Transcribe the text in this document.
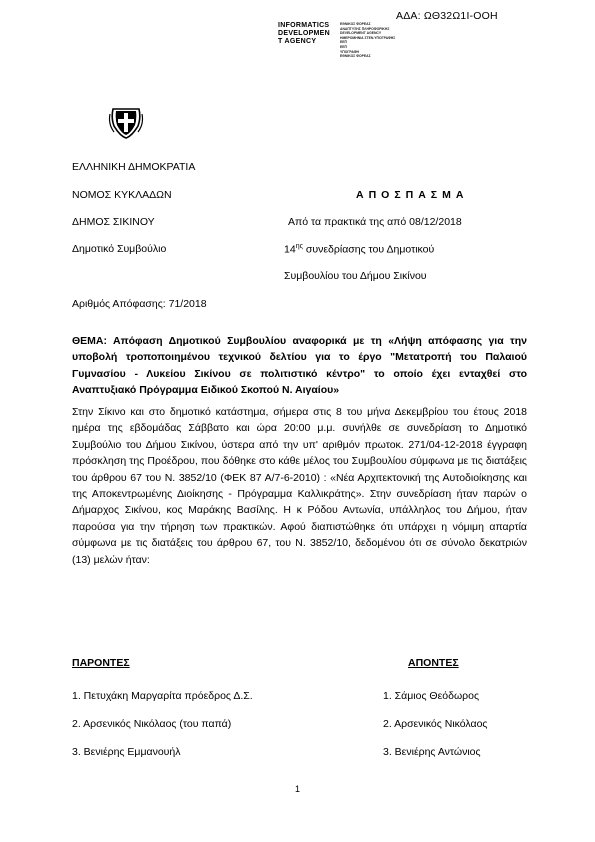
ΑΔΑ: ΩΘ32Ω1Ι-ΟΟΗ
INFORMATICS
DEVELOPMEN
T AGENCY
ΕΘΝΙΚΟΣ ΦΟΡΕΑΣ
ΑΝΑΠΤΥΞΗΣ ΠΛΗΡΟΦΟΡΙΚΗΣ
DEVELOPMENT AGENCY
ΗΜΕΡΟΜΗΝΙΑ ΣΤΕΝ.ΥΠΟΓΡΑΦΗΣ
ΕΕΠ
ΕΕΠ
ΥΠΟΓΡΑΦΗ
ΕΘΝΙΚΟΣ ΦΟΡΕΑΣ
ΕΛΛΗΝΙΚΗ ΔΗΜΟΚΡΑΤΙΑ
ΝΟΜΟΣ ΚΥΚΛΑΔΩΝ
ΔΗΜΟΣ ΣΙΚΙΝΟΥ
Δημοτικό Συμβούλιο
Αριθμός Απόφασης: 71/2018
ΑΠΟΣΠΑΣΜΑ
Από τα πρακτικά της από 08/12/2018
$14^{\eta\varsigma}$ συνεδρίασης του Δημοτικού
Συμβουλίου του Δήμου Σικίνου
ΘΕΜΑ: Απόφαση Δημοτικού Συμβουλίου αναφορικά με τη «Λήψη απόφασης για την υποβολή τροποποιημένου τεχνικού δελτίου για το έργο "Μετατροπή του Παλαιού Γυμνασίου - Λυκείου Σικίνου σε πολιτιστικό κέντρο" το οποίο έχει ενταχθεί στο Αναπτυξιακό Πρόγραμμα Ειδικού Σκοπού Ν. Αιγαίου»
Στην Σίκινο και στο δημοτικό κατάστημα, σήμερα στις 8 του μήνα Δεκεμβρίου του έτους 2018 ημέρα της εβδομάδας Σάββατο και ώρα 20:00 μ.μ. συνήλθε σε συνεδρίαση το Δημοτικό Συμβούλιο του Δήμου Σικίνου, ύστερα από την υπ' αριθμόν πρωτοκ. 271/04-12-2018 έγγραφη πρόσκληση της Προέδρου, που δόθηκε στο κάθε μέλος του Συμβουλίου σύμφωνα με τις διατάξεις του άρθρου 67 του Ν. 3852/10 (ΦΕΚ 87 Α/7-6-2010) : «Νέα Αρχιτεκτονική της Αυτοδιοίκησης και της Αποκεντρωμένης Διοίκησης - Πρόγραμμα Καλλικράτης». Στην συνεδρίαση ήταν παρών ο Δήμαρχος Σικίνου, κος Μαράκης Βασίλης. Η κ Ρόδου Αντωνία, υπάλληλος του Δήμου, ήταν παρούσα για την τήρηση των πρακτικών. Αφού διαπιστώθηκε ότι υπάρχει η νόμιμη απαρτία σύμφωνα με τις διατάξεις του άρθρου 67, του Ν. 3852/10, δεδομένου ότι σε σύνολο δεκατριών (13) μελών ήταν:
ΠΑΡΟΝΤΕΣ	ΑΠΟΝΤΕΣ
1. Πετυχάκη Μαργαρίτα πρόεδρος Δ.Σ.
2. Αρσενικός Νικόλαος (του παπά)
3. Βενιέρης Εμμανουήλ
1. Σάμιος Θεόδωρος
2. Αρσενικός Νικόλαος
3. Βενιέρης Αντώνιος
1
